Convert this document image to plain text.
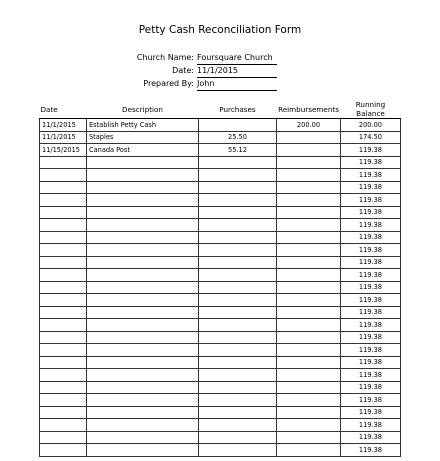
Petty Cash Reconciliation Form
Church Name: Foursquare Church
Date: 11/1/2015
Prepared By: John
Date	Description	Purchases	Reimbursements	Running Balance
11/1/2015	Establish Petty Cash		200.00	200.00
11/1/2015	Staples	25.50		174.50
11/15/2015	Canada Post	55.12		119.38
				119.38
				119.38
				119.38
				119.38
				119.38
				119.38
				119.38
				119.38
				119.38
				119.38
				119.38
				119.38
				119.38
				119.38
				119.38
				119.38
				119.38
				119.38
				119.38
				119.38
				119.38
				119.38
				119.38
				119.38
